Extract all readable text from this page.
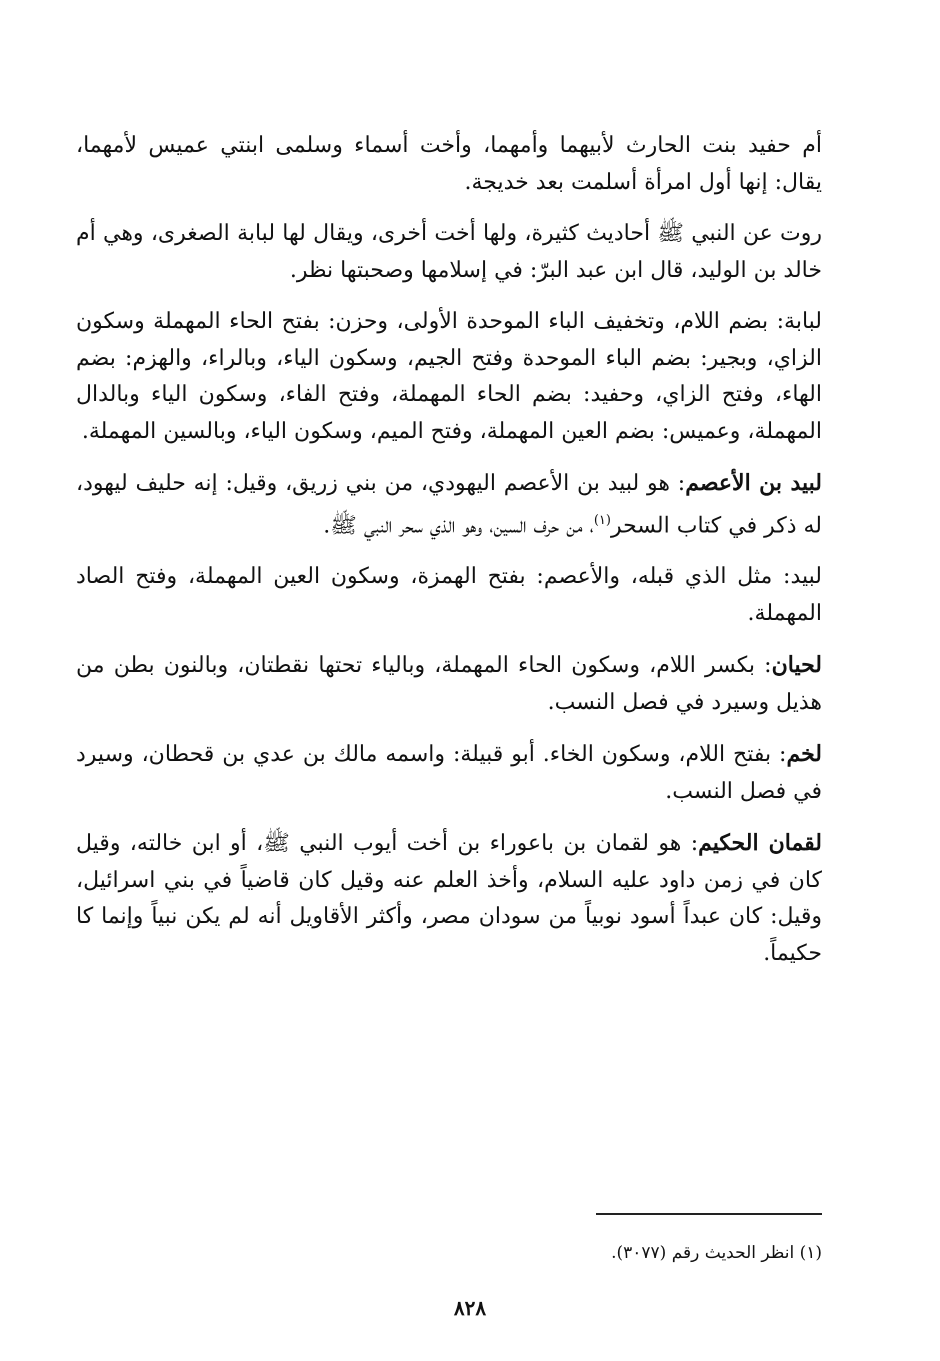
أم حفيد بنت الحارث لأبيهما وأمهما، وأخت أسماء وسلمى ابنتي عميس لأمهما، يقال: إنها أول امرأة أسلمت بعد خديجة.

روت عن النبي ﷺ أحاديث كثيرة، ولها أخت أخرى، ويقال لها لبابة الصغرى، وهي أم خالد بن الوليد، قال ابن عبد البرّ: في إسلامها وصحبتها نظر.

لبابة: بضم اللام، وتخفيف الباء الموحدة الأولى، وحزن: بفتح الحاء المهملة وسكون الزاي، وبجير: بضم الباء الموحدة وفتح الجيم، وسكون الياء، وبالراء، والهزم: بضم الهاء، وفتح الزاي، وحفيد: بضم الحاء المهملة، وفتح الفاء، وسكون الياء وبالدال المهملة، وعميس: بضم العين المهملة، وفتح الميم، وسكون الياء، وبالسين المهملة.

لبيد بن الأعصم: هو لبيد بن الأعصم اليهودي، من بني زريق، وقيل: إنه حليف ليهود، له ذكر في كتاب السحر$^{(١)}$، من حرف السين، وهو الذي سحر النبي ﷺ.

لبيد: مثل الذي قبله، والأعصم: بفتح الهمزة، وسكون العين المهملة، وفتح الصاد المهملة.

لحيان: بكسر اللام، وسكون الحاء المهملة، وبالياء تحتها نقطتان، وبالنون بطن من هذيل وسيرد في فصل النسب.

لخم: بفتح اللام، وسكون الخاء. أبو قبيلة: واسمه مالك بن عدي بن قحطان، وسيرد في فصل النسب.

لقمان الحكيم: هو لقمان بن باعوراء بن أخت أيوب النبي ﷺ، أو ابن خالته، وقيل كان في زمن داود عليه السلام، وأخذ العلم عنه وقيل كان قاضياً في بني اسرائيل، وقيل: كان عبداً أسود نوبياً من سودان مصر، وأكثر الأقاويل أنه لم يكن نبياً وإنما كا حكيماً.

(١) انظر الحديث رقم (٣٠٧٧).
٨٢٨
